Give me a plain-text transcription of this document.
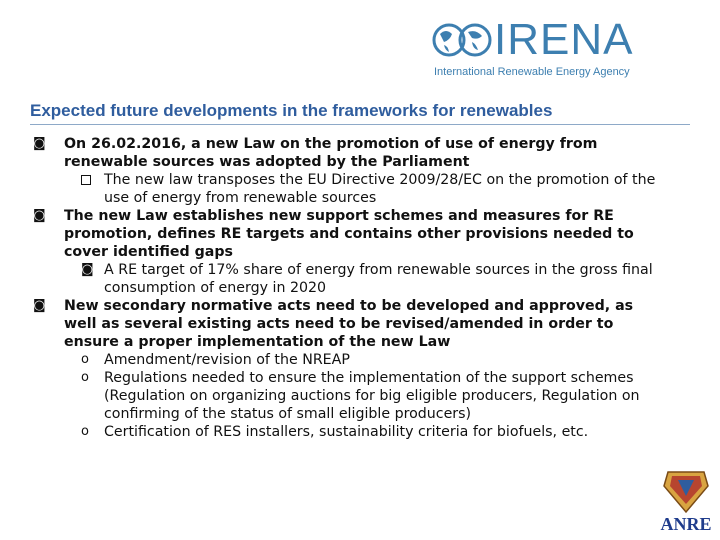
IRENA
International Renewable Energy Agency
Expected future developments in the frameworks for renewables
◙ On 26.02.2016, a new Law on the promotion of use of energy from renewable sources was adopted by the Parliament
The new law transposes the EU Directive 2009/28/EC on the promotion of the use of energy from renewable sources
◙ The new Law establishes new support schemes and measures for RE promotion, defines RE targets and contains other provisions needed to cover identified gaps
◙ A RE target of 17% share of energy from renewable sources in the gross final consumption of energy in 2020
◙ New secondary normative acts need to be developed and approved, as well as several existing acts need to be revised/amended in order to ensure a proper implementation of the new Law
o Amendment/revision of the NREAP
o Regulations needed to ensure the implementation of the support schemes (Regulation on organizing auctions for big eligible producers, Regulation on confirming of the status of small eligible producers)
o Certification of RES installers, sustainability criteria for biofuels, etc.
ANRE
